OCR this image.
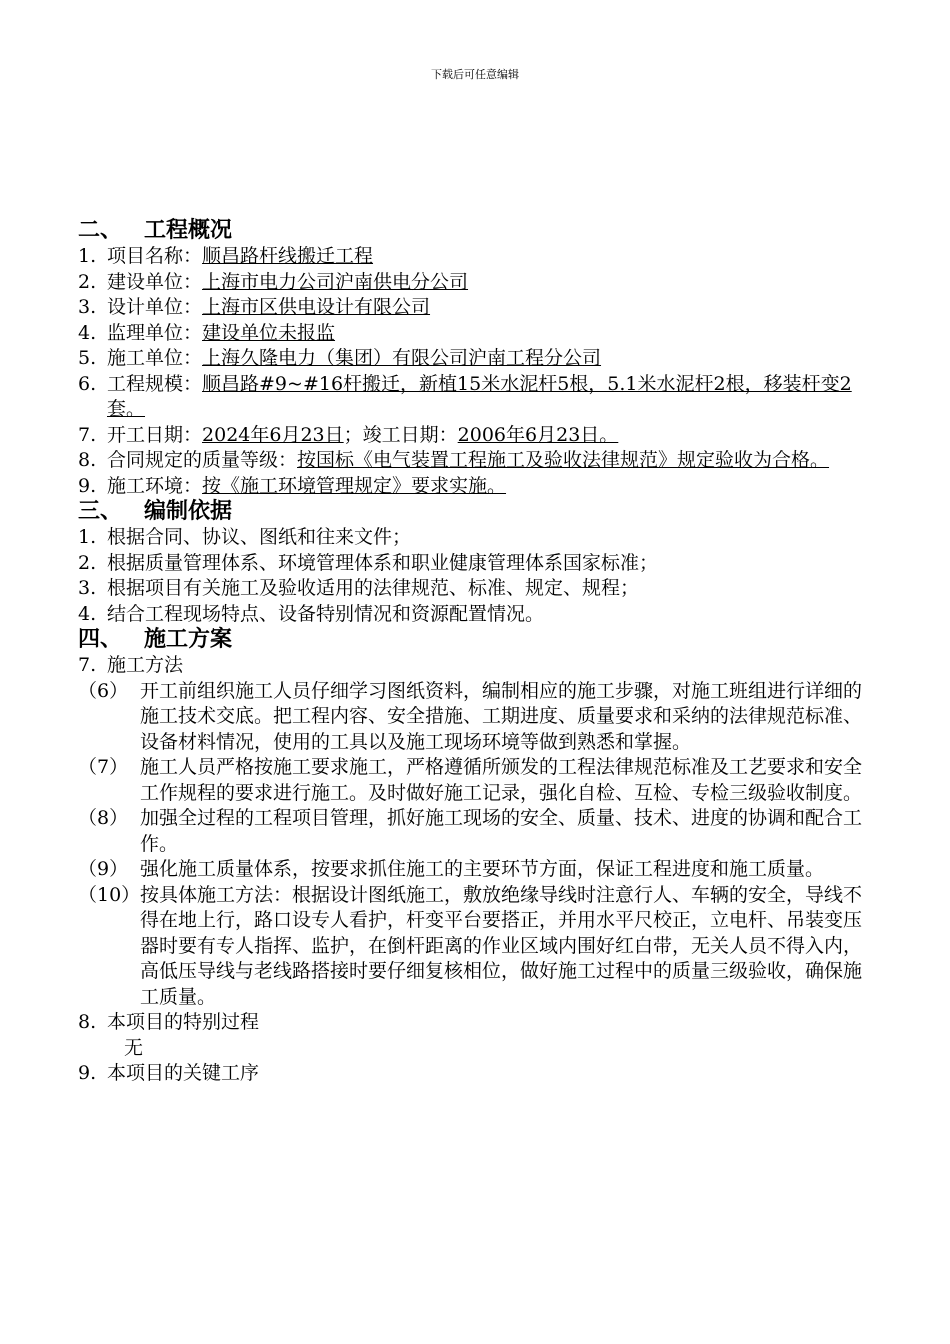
下载后可任意编辑
二、 工程概况
1. 项目名称：顺昌路杆线搬迁工程
2. 建设单位：上海市电力公司沪南供电分公司
3. 设计单位：上海市区供电设计有限公司
4. 监理单位：建设单位未报监
5. 施工单位：上海久隆电力（集团）有限公司沪南工程分公司
6. 工程规模：顺昌路#9~#16杆搬迁，新植15米水泥杆5根，5.1米水泥杆2根，移装杆变2套。
7. 开工日期：2024年6月23日；竣工日期：2006年6月23日。
8. 合同规定的质量等级：按国标《电气装置工程施工及验收法律规范》规定验收为合格。
9. 施工环境：按《施工环境管理规定》要求实施。
三、 编制依据
1. 根据合同、协议、图纸和往来文件；
2. 根据质量管理体系、环境管理体系和职业健康管理体系国家标准；
3. 根据项目有关施工及验收适用的法律规范、标准、规定、规程；
4. 结合工程现场特点、设备特别情况和资源配置情况。
四、 施工方案
7. 施工方法
（6） 开工前组织施工人员仔细学习图纸资料，编制相应的施工步骤，对施工班组进行详细的施工技术交底。把工程内容、安全措施、工期进度、质量要求和采纳的法律规范标准、设备材料情况，使用的工具以及施工现场环境等做到熟悉和掌握。
（7） 施工人员严格按施工要求施工，严格遵循所颁发的工程法律规范标准及工艺要求和安全工作规程的要求进行施工。及时做好施工记录，强化自检、互检、专检三级验收制度。
（8） 加强全过程的工程项目管理，抓好施工现场的安全、质量、技术、进度的协调和配合工作。
（9） 强化施工质量体系，按要求抓住施工的主要环节方面，保证工程进度和施工质量。
（10） 按具体施工方法：根据设计图纸施工，敷放绝缘导线时注意行人、车辆的安全，导线不得在地上行，路口设专人看护，杆变平台要搭正，并用水平尺校正，立电杆、吊装变压器时要有专人指挥、监护，在倒杆距离的作业区域内围好红白带，无关人员不得入内，高低压导线与老线路搭接时要仔细复核相位，做好施工过程中的质量三级验收，确保施工质量。
8. 本项目的特别过程
无
9. 本项目的关键工序
